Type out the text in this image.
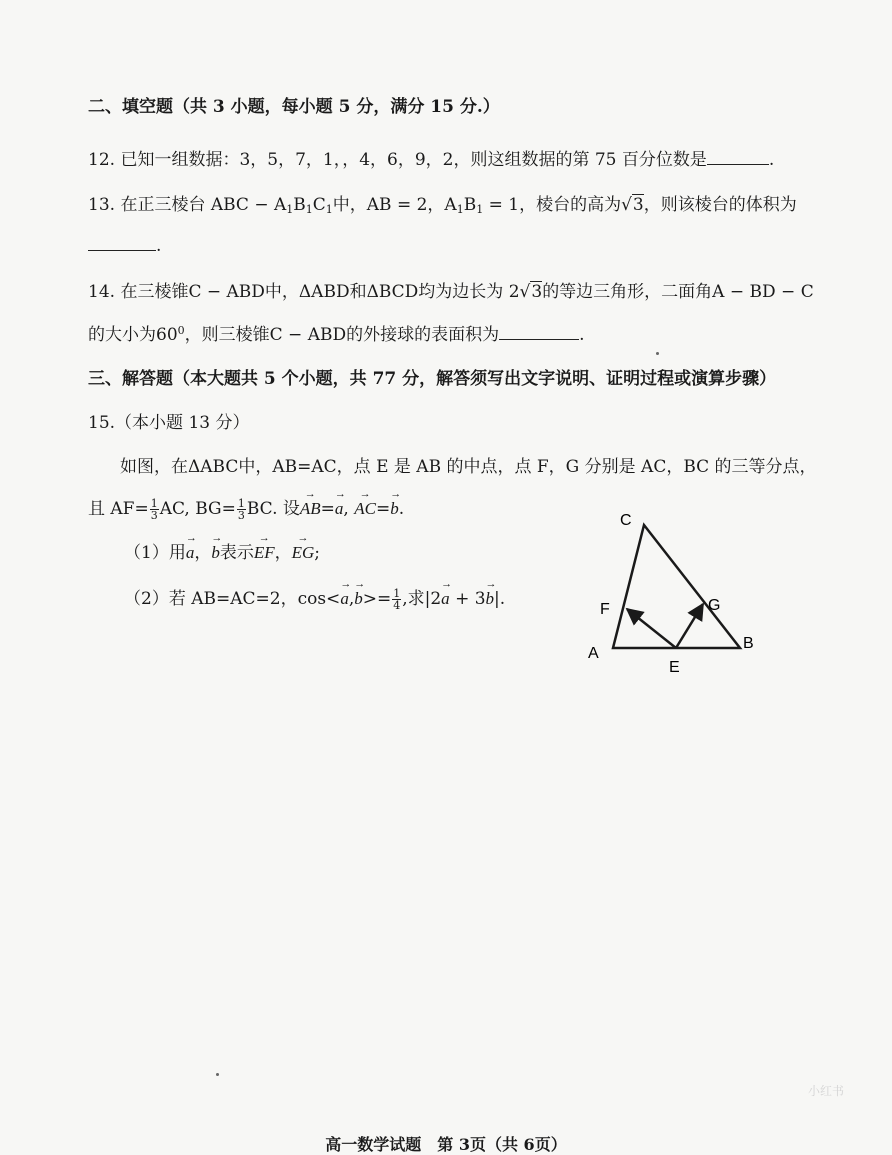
二、填空题（共 3 小题，每小题 5 分，满分 15 分.）
12. 已知一组数据：3，5，7，1，，4，6，9，2，则这组数据的第 75 百分位数是	.
13. 在正三棱台 ABC − $A_1B_1C_1$中，AB = 2，$A_1B_1 = 1$，棱台的高为√3，则该棱台的体积为
.
14. 在三棱锥C − ABD中，ΔABD和ΔBCD均为边长为 2√3的等边三角形，二面角A − BD − C
的大小为$60^0$，则三棱锥C − ABD的外接球的表面积为	.
三、解答题（本大题共 5 个小题，共 77 分，解答须写出文字说明、证明过程或演算步骤）
15.（本小题 13 分）
如图，在ΔABC中，AB=AC，点 E 是 AB 的中点，点 F，G 分别是 AC，BC 的三等分点，
且 $AF= \frac{1}{3}$ AC, $BG= \frac{1}{3}$ BC. 设→ AB=→ a, → AC=→ b.
（1）用→ a，→ b表示→ EF，→ EG;
（2）若 AB=AC=2，$\cos<\to a,\to b>= \frac{1}{4}$ ,求|2→ a + 3→ b|.
C
F	G
A
B
E
小红书
高一数学试题　第 3页（共 6页）
